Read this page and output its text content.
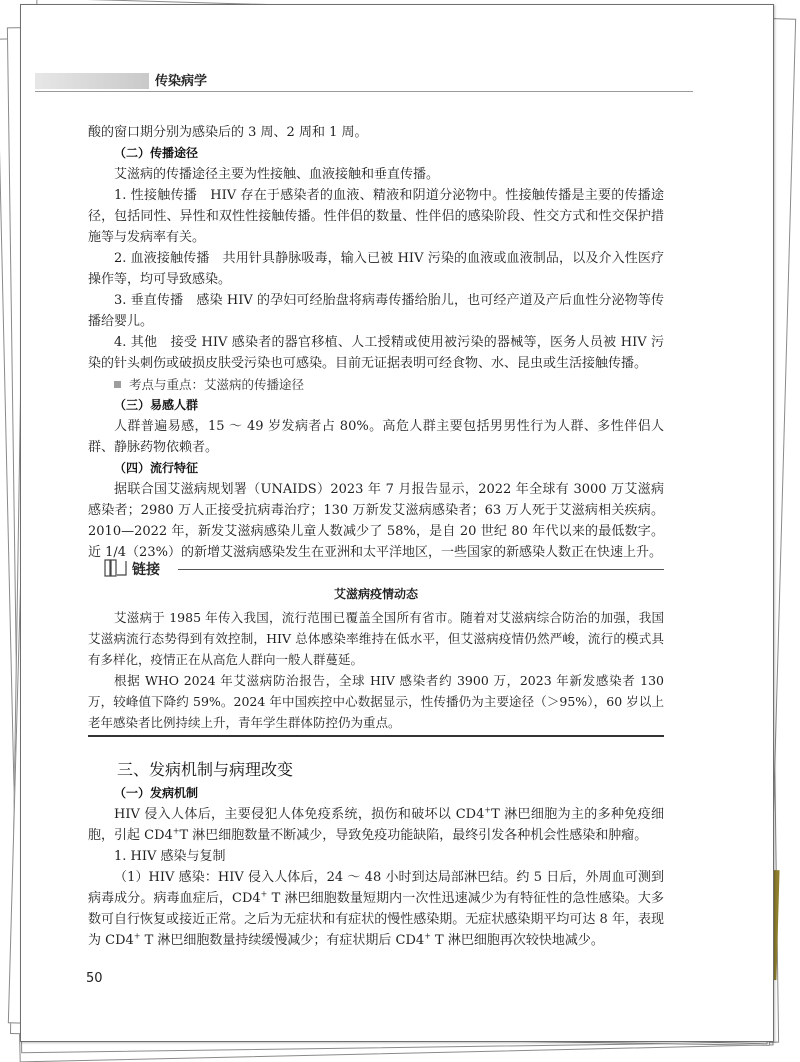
传染病学

酸的窗口期分别为感染后的 3 周、2 周和 1 周。

（二）传播途径

艾滋病的传播途径主要为性接触、血液接触和垂直传播。

1. 性接触传播　HIV 存在于感染者的血液、精液和阴道分泌物中。性接触传播是主要的传播途径，包括同性、异性和双性性接触传播。性伴侣的数量、性伴侣的感染阶段、性交方式和性交保护措施等与发病率有关。

2. 血液接触传播　共用针具静脉吸毒，输入已被 HIV 污染的血液或血液制品，以及介入性医疗操作等，均可导致感染。

3. 垂直传播　感染 HIV 的孕妇可经胎盘将病毒传播给胎儿，也可经产道及产后血性分泌物等传播给婴儿。

4. 其他　接受 HIV 感染者的器官移植、人工授精或使用被污染的器械等，医务人员被 HIV 污染的针头刺伤或破损皮肤受污染也可感染。目前无证据表明可经食物、水、昆虫或生活接触传播。

考点与重点：艾滋病的传播途径

（三）易感人群

人群普遍易感，15 ～ 49 岁发病者占 80%。高危人群主要包括男男性行为人群、多性伴侣人群、静脉药物依赖者。

（四）流行特征

据联合国艾滋病规划署（UNAIDS）2023 年 7 月报告显示，2022 年全球有 3000 万艾滋病感染者；2980 万人正接受抗病毒治疗；130 万新发艾滋病感染者；63 万人死于艾滋病相关疾病。2010—2022 年，新发艾滋病感染儿童人数减少了 58%，是自 20 世纪 80 年代以来的最低数字。近 1/4（23%）的新增艾滋病感染发生在亚洲和太平洋地区，一些国家的新感染人数正在快速上升。

链接

艾滋病疫情动态

艾滋病于 1985 年传入我国，流行范围已覆盖全国所有省市。随着对艾滋病综合防治的加强，我国艾滋病流行态势得到有效控制，HIV 总体感染率维持在低水平，但艾滋病疫情仍然严峻，流行的模式具有多样化，疫情正在从高危人群向一般人群蔓延。

根据 WHO 2024 年艾滋病防治报告，全球 HIV 感染者约 3900 万，2023 年新发感染者 130 万，较峰值下降约 59%。2024 年中国疾控中心数据显示，性传播仍为主要途径（＞95%），60 岁以上老年感染者比例持续上升，青年学生群体防控仍为重点。

三、发病机制与病理改变

（一）发病机制

HIV 侵入人体后，主要侵犯人体免疫系统，损伤和破坏以 CD4+T 淋巴细胞为主的多种免疫细胞，引起 CD4+T 淋巴细胞数量不断减少，导致免疫功能缺陷，最终引发各种机会性感染和肿瘤。

1. HIV 感染与复制

（1）HIV 感染：HIV 侵入人体后，24 ～ 48 小时到达局部淋巴结。约 5 日后，外周血可测到病毒成分。病毒血症后，CD4+ T 淋巴细胞数量短期内一次性迅速减少为有特征性的急性感染。大多数可自行恢复或接近正常。之后为无症状和有症状的慢性感染期。无症状感染期平均可达 8 年，表现为 CD4+ T 淋巴细胞数量持续缓慢减少；有症状期后 CD4+ T 淋巴细胞再次较快地减少。

50
